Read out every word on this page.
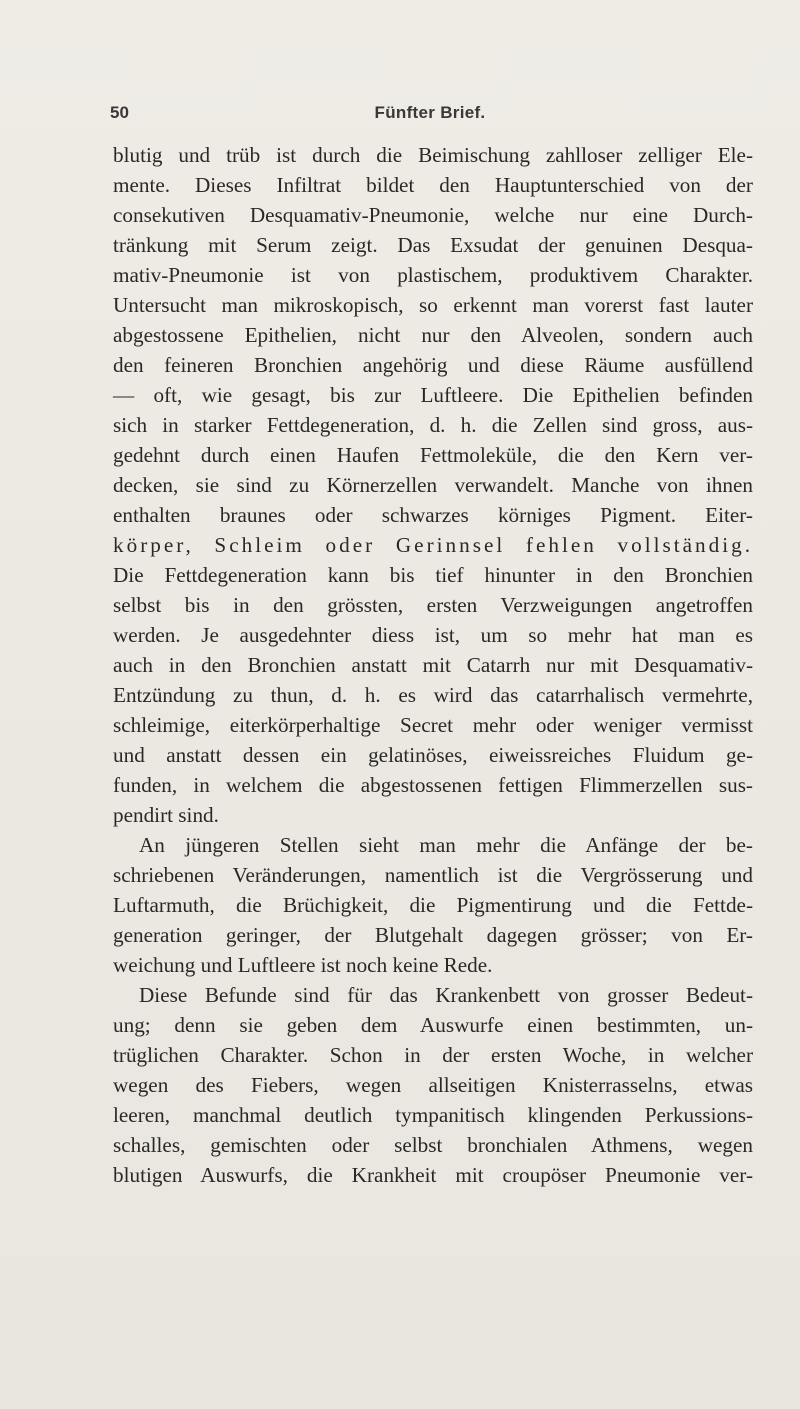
50	Fünfter Brief.
blutig und trüb ist durch die Beimischung zahlloser zelliger Ele-
mente. Dieses Infiltrat bildet den Hauptunterschied von der
consekutiven Desquamativ-Pneumonie, welche nur eine Durch-
tränkung mit Serum zeigt. Das Exsudat der genuinen Desqua-
mativ-Pneumonie ist von plastischem, produktivem Charakter.
Untersucht man mikroskopisch, so erkennt man vorerst fast lauter
abgestossene Epithelien, nicht nur den Alveolen, sondern auch
den feineren Bronchien angehörig und diese Räume ausfüllend
— oft, wie gesagt, bis zur Luftleere. Die Epithelien befinden
sich in starker Fettdegeneration, d. h. die Zellen sind gross, aus-
gedehnt durch einen Haufen Fettmoleküle, die den Kern ver-
decken, sie sind zu Körnerzellen verwandelt. Manche von ihnen
enthalten braunes oder schwarzes körniges Pigment. Eiter-
körper, Schleim oder Gerinnsel fehlen vollständig.
Die Fettdegeneration kann bis tief hinunter in den Bronchien
selbst bis in den grössten, ersten Verzweigungen angetroffen
werden. Je ausgedehnter diess ist, um so mehr hat man es
auch in den Bronchien anstatt mit Catarrh nur mit Desquamativ-
Entzündung zu thun, d. h. es wird das catarrhalisch vermehrte,
schleimige, eiterkörperhaltige Secret mehr oder weniger vermisst
und anstatt dessen ein gelatinöses, eiweissreiches Fluidum ge-
funden, in welchem die abgestossenen fettigen Flimmerzellen sus-
pendirt sind.
An jüngeren Stellen sieht man mehr die Anfänge der be-
schriebenen Veränderungen, namentlich ist die Vergrösserung und
Luftarmuth, die Brüchigkeit, die Pigmentirung und die Fettde-
generation geringer, der Blutgehalt dagegen grösser; von Er-
weichung und Luftleere ist noch keine Rede.
Diese Befunde sind für das Krankenbett von grosser Bedeut-
ung; denn sie geben dem Auswurfe einen bestimmten, un-
trüglichen Charakter. Schon in der ersten Woche, in welcher
wegen des Fiebers, wegen allseitigen Knisterrasselns, etwas
leeren, manchmal deutlich tympanitisch klingenden Perkussions-
schalles, gemischten oder selbst bronchialen Athmens, wegen
blutigen Auswurfs, die Krankheit mit croupöser Pneumonie ver-
